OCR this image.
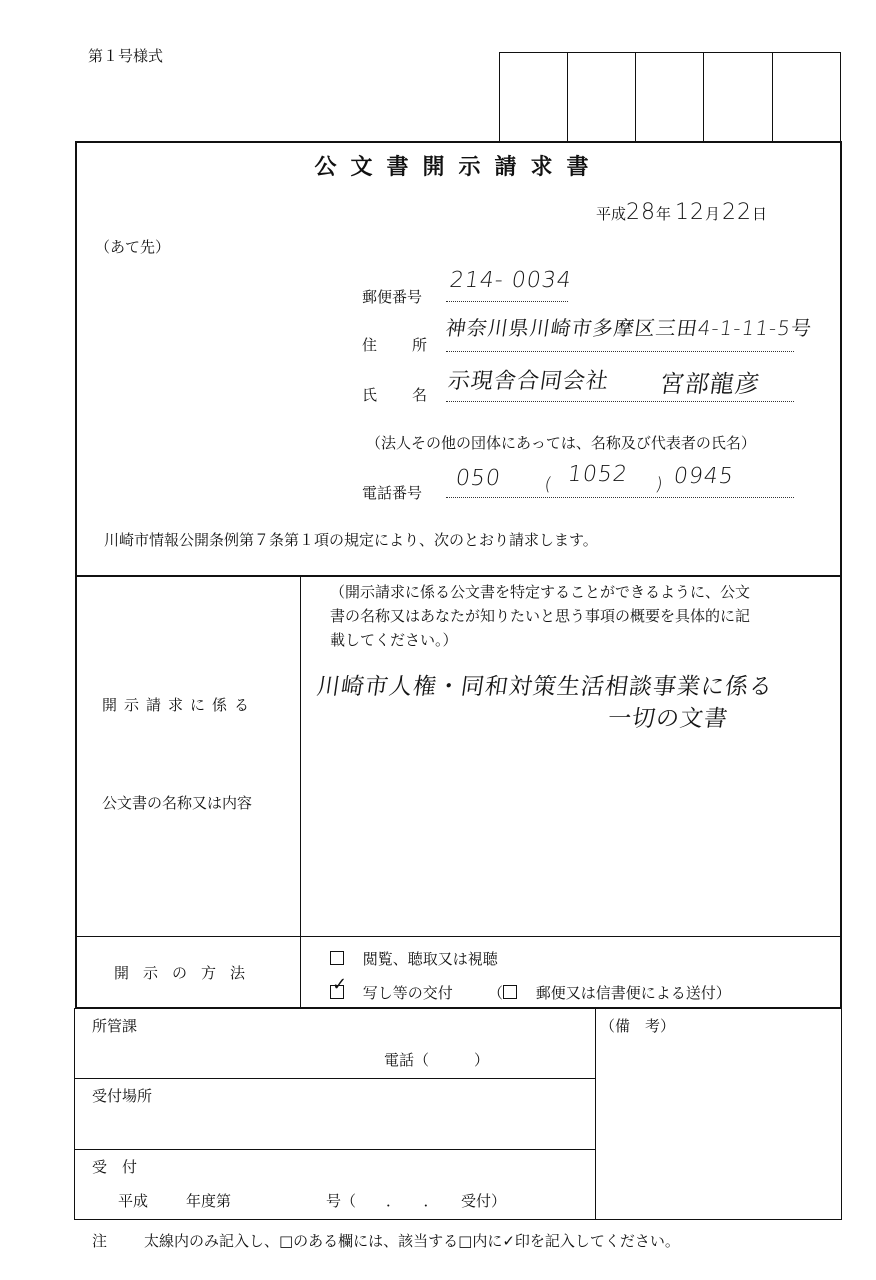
第１号様式
公文書開示請求書
平成28年 12月22日
（あて先）
郵便番号
214- 0034
住 所
神奈川県川崎市多摩区三田4-1-11-5号
氏 名
示現舎合同会社 宮部龍彦
（法人その他の団体にあっては、名称及び代表者の氏名）
電話番号
050 ( 1052 ) 0945
川崎市情報公開条例第７条第１項の規定により、次のとおり請求します。
開示請求に係る
公文書の名称又は内容
（開示請求に係る公文書を特定することができるように、公文
書の名称又はあなたが知りたいと思う事項の概要を具体的に記
載してください。）
川崎市人権・同和対策生活相談事業に係る
一切の文書
開示の方法
閲覧、聴取又は視聴
✓ 写し等の交付 （ 郵便又は信書便による送付）
所管課
電話（　　　）
受付場所
受　付
平成	年度第	号（　　．　　．　　受付）
（備　考）
注 太線内のみ記入し、□のある欄には、該当する□内に✓印を記入してください。
